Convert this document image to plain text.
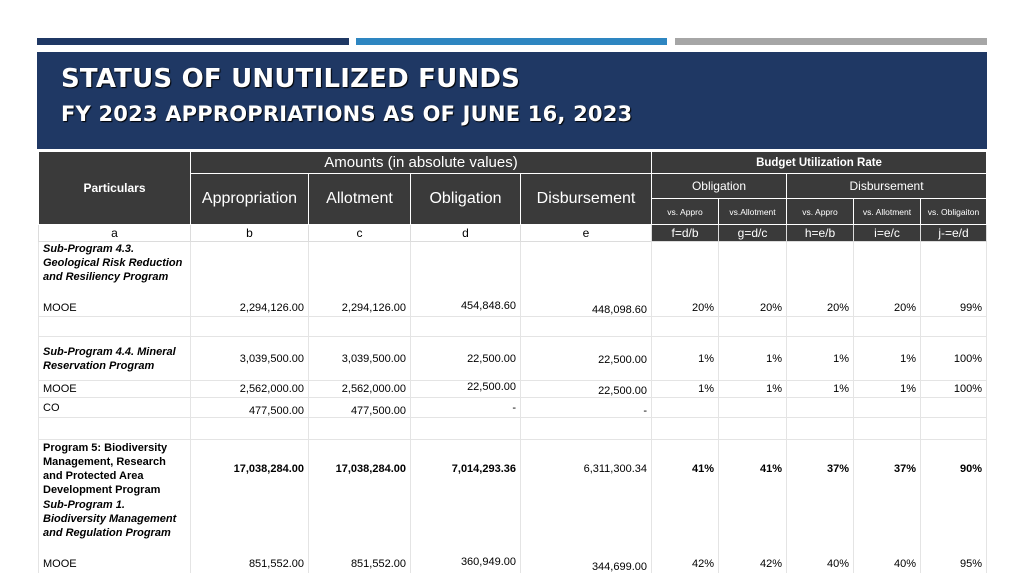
STATUS OF UNUTILIZED FUNDS
FY 2023 APPROPRIATIONS AS OF JUNE 16, 2023
Particulars	Amounts (in absolute values)				Budget Utilization Rate				
	Appropriation	Allotment	Obligation	Disbursement	Obligation		Disbursement		
					vs. Appro	vs.Allotment	vs. Appro	vs. Allotment	vs. Obligaiton
a	b	c	d	e	f=d/b	g=d/c	h=e/b	i=e/c	j-=e/d
Sub-Program 4.3. Geological Risk Reduction and Resiliency Program									
MOOE	2,294,126.00	2,294,126.00	454,848.60	448,098.60	20%	20%	20%	20%	99%

Sub-Program 4.4. Mineral Reservation Program	3,039,500.00	3,039,500.00	22,500.00	22,500.00	1%	1%	1%	1%	100%
MOOE	2,562,000.00	2,562,000.00	22,500.00	22,500.00	1%	1%	1%	1%	100%
CO	477,500.00	477,500.00	-	-					

Program 5: Biodiversity Management, Research and Protected Area Development Program	17,038,284.00	17,038,284.00	7,014,293.36	6,311,300.34	41%	41%	37%	37%	90%
Sub-Program 1. Biodiversity Management and Regulation Program									
MOOE	851,552.00	851,552.00	360,949.00	344,699.00	42%	42%	40%	40%	95%
